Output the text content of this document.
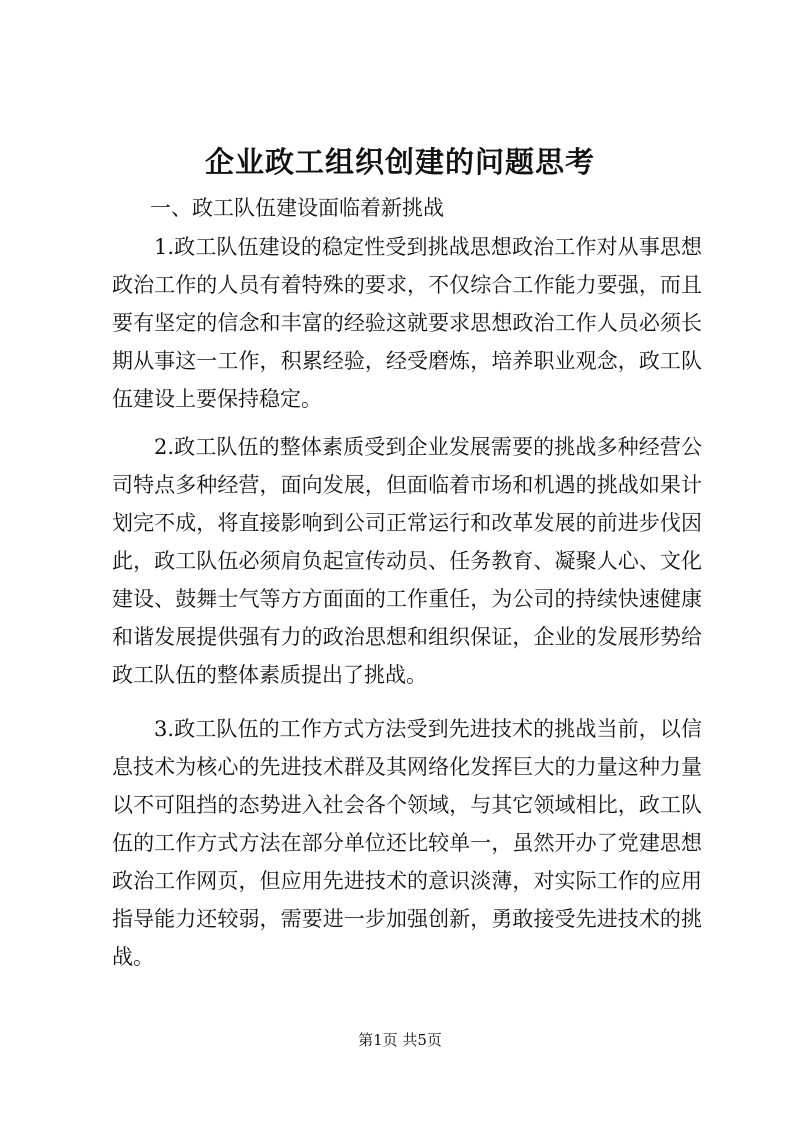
企业政工组织创建的问题思考

一、政工队伍建设面临着新挑战

1.政工队伍建设的稳定性受到挑战思想政治工作对从事思想政治工作的人员有着特殊的要求，不仅综合工作能力要强，而且要有坚定的信念和丰富的经验这就要求思想政治工作人员必须长期从事这一工作，积累经验，经受磨炼，培养职业观念，政工队伍建设上要保持稳定。

2.政工队伍的整体素质受到企业发展需要的挑战多种经营公司特点多种经营，面向发展，但面临着市场和机遇的挑战如果计划完不成，将直接影响到公司正常运行和改革发展的前进步伐因此，政工队伍必须肩负起宣传动员、任务教育、凝聚人心、文化建设、鼓舞士气等方方面面的工作重任，为公司的持续快速健康和谐发展提供强有力的政治思想和组织保证，企业的发展形势给政工队伍的整体素质提出了挑战。

3.政工队伍的工作方式方法受到先进技术的挑战当前，以信息技术为核心的先进技术群及其网络化发挥巨大的力量这种力量以不可阻挡的态势进入社会各个领域，与其它领域相比，政工队伍的工作方式方法在部分单位还比较单一，虽然开办了党建思想政治工作网页，但应用先进技术的意识淡薄，对实际工作的应用指导能力还较弱，需要进一步加强创新，勇敢接受先进技术的挑战。

第1页 共5页
